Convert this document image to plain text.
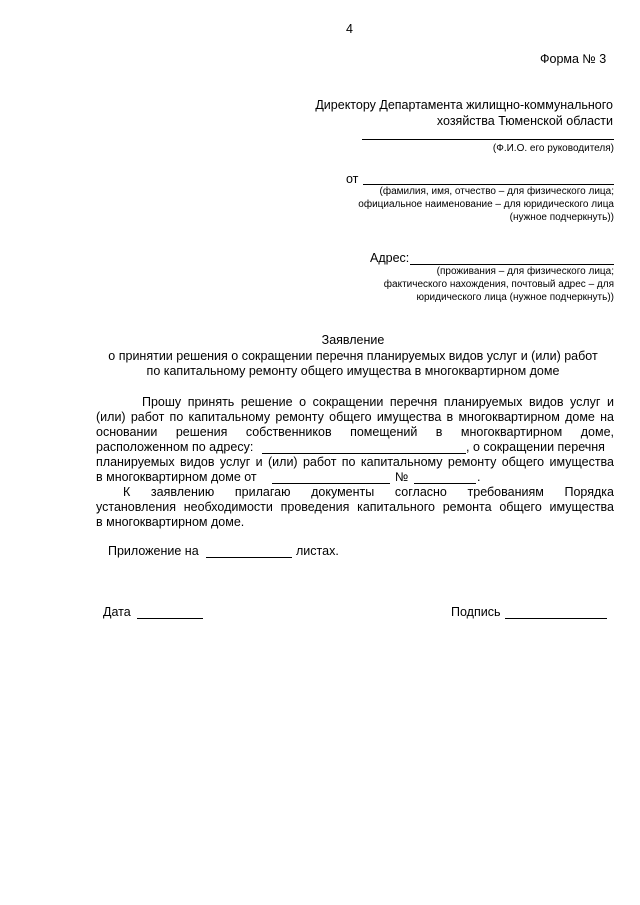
4
Форма № 3
Директору Департамента жилищно-коммунального
хозяйства Тюменской области
(Ф.И.О. его руководителя)
от
(фамилия, имя, отчество – для физического лица;
официальное наименование – для юридического лица
(нужное подчеркнуть))
Адрес:
(проживания – для физического лица;
фактического нахождения, почтовый адрес – для
юридического лица (нужное подчеркнуть))
Заявление
о принятии решения о сокращении перечня планируемых видов услуг и (или) работ
по капитальному ремонту общего имущества в многоквартирном доме
Прошу принять решение о сокращении перечня планируемых видов услуг и
(или) работ по капитальному ремонту общего имущества в многоквартирном доме на
основании решения собственников помещений в многоквартирном доме,
расположенном по адресу:	, о сокращении перечня
планируемых видов услуг и (или) работ по капитальному ремонту общего имущества
в многоквартирном доме от	№	.
К заявлению прилагаю документы согласно требованиям Порядка
установления необходимости проведения капитального ремонта общего имущества
в многоквартирном доме.
Приложение на	листах.
Дата	Подпись
